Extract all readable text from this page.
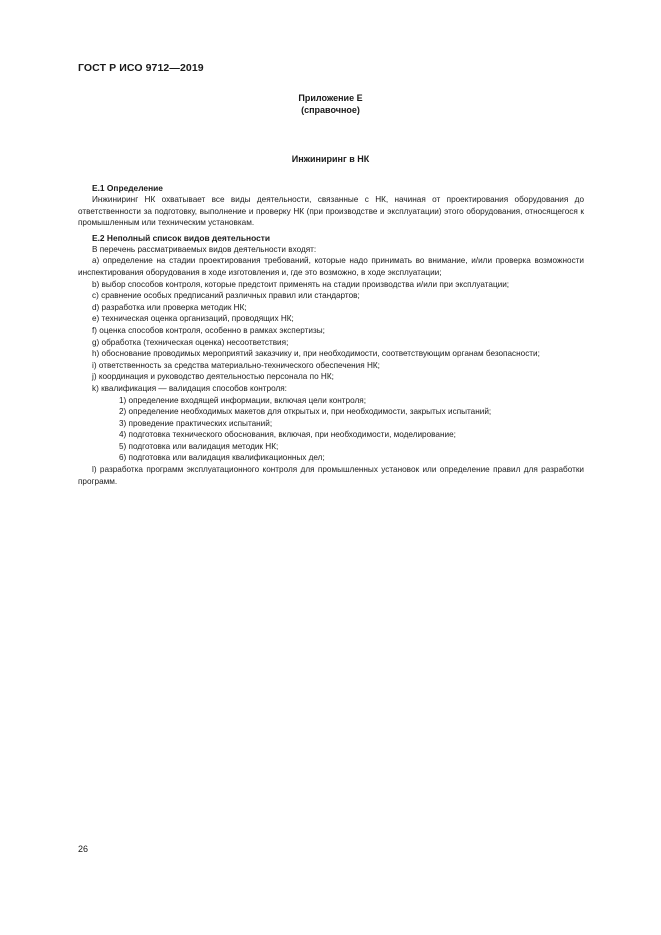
ГОСТ Р ИСО 9712—2019
Приложение Е
(справочное)
Инжиниринг в НК
Е.1 Определение

Инжиниринг НК охватывает все виды деятельности, связанные с НК, начиная от проектирования оборудования до ответственности за подготовку, выполнение и проверку НК (при производстве и эксплуатации) этого оборудования, относящегося к промышленным или техническим установкам.

Е.2 Неполный список видов деятельности

В перечень рассматриваемых видов деятельности входят:

a) определение на стадии проектирования требований, которые надо принимать во внимание, и/или проверка возможности инспектирования оборудования в ходе изготовления и, где это возможно, в ходе эксплуатации;

b) выбор способов контроля, которые предстоит применять на стадии производства и/или при эксплуатации;

c) сравнение особых предписаний различных правил или стандартов;

d) разработка или проверка методик НК;

e) техническая оценка организаций, проводящих НК;

f) оценка способов контроля, особенно в рамках экспертизы;

g) обработка (техническая оценка) несоответствия;

h) обоснование проводимых мероприятий заказчику и, при необходимости, соответствующим органам безопасности;

i) ответственность за средства материально-технического обеспечения НК;

j) координация и руководство деятельностью персонала по НК;

k) квалификация — валидация способов контроля:

1) определение входящей информации, включая цели контроля;

2) определение необходимых макетов для открытых и, при необходимости, закрытых испытаний;

3) проведение практических испытаний;

4) подготовка технического обоснования, включая, при необходимости, моделирование;

5) подготовка или валидация методик НК;

6) подготовка или валидация квалификационных дел;

l) разработка программ эксплуатационного контроля для промышленных установок или определение правил для разработки программ.

26
